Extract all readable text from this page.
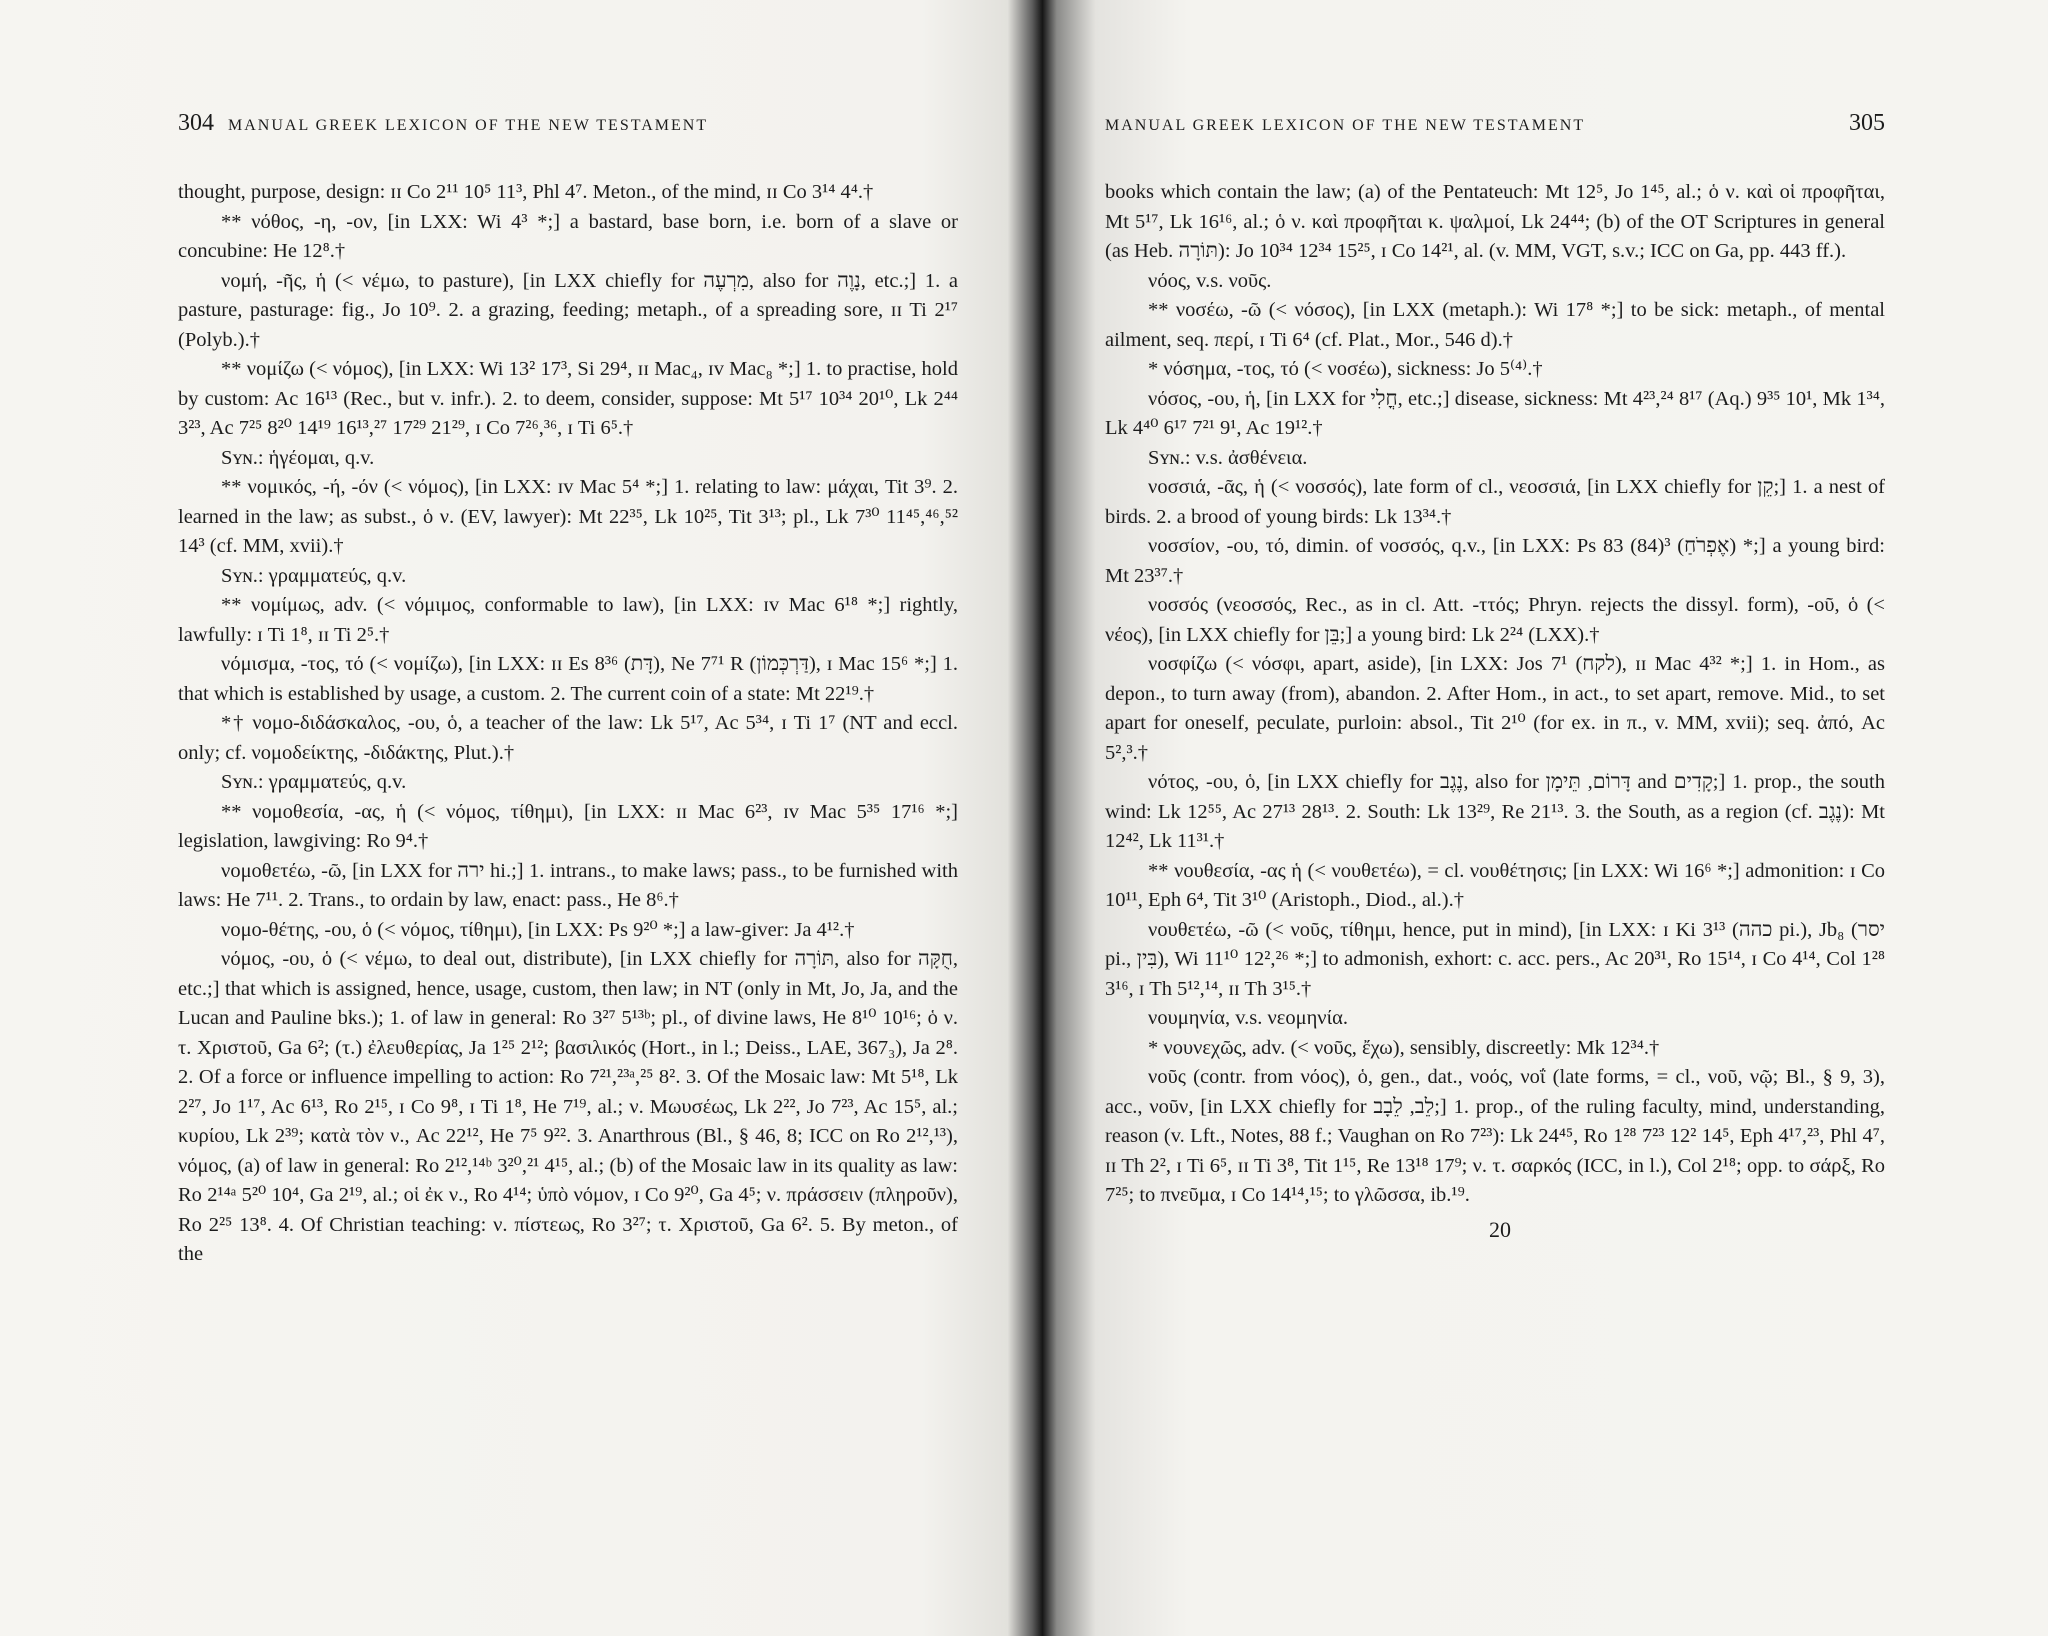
304 MANUAL GREEK LEXICON OF THE NEW TESTAMENT

thought, purpose, design: ɪɪ Co 2¹¹ 10⁵ 11³, Phl 4⁷. Meton., of the mind, ɪɪ Co 3¹⁴ 4⁴.†

** νόθος, -η, -ον, [in LXX: Wi 4³ *;] a bastard, base born, i.e. born of a slave or concubine: He 12⁸.†

νομή, -ῆς, ἡ (< νέμω, to pasture), [in LXX chiefly for מִרְעֶה, also for נָוֶה, etc.;] 1. a pasture, pasturage: fig., Jo 10⁹. 2. a grazing, feeding; metaph., of a spreading sore, ɪɪ Ti 2¹⁷ (Polyb.).†

** νομίζω (< νόμος), [in LXX: Wi 13² 17³, Si 29⁴, ɪɪ Mac₄, ɪᴠ Mac₈ *;] 1. to practise, hold by custom: Ac 16¹³ (Rec., but v. infr.). 2. to deem, consider, suppose: Mt 5¹⁷ 10³⁴ 20¹⁰, Lk 2⁴⁴ 3²³, Ac 7²⁵ 8²⁰ 14¹⁹ 16¹³,²⁷ 17²⁹ 21²⁹, ɪ Co 7²⁶,³⁶, ɪ Ti 6⁵.†

Sʏɴ.: ἡγέομαι, q.v.

** νομικός, -ή, -όν (< νόμος), [in LXX: ɪᴠ Mac 5⁴ *;] 1. relating to law: μάχαι, Tit 3⁹. 2. learned in the law; as subst., ὁ ν. (EV, lawyer): Mt 22³⁵, Lk 10²⁵, Tit 3¹³; pl., Lk 7³⁰ 11⁴⁵,⁴⁶,⁵² 14³ (cf. MM, xvii).†

Sʏɴ.: γραμματεύς, q.v.

** νομίμως, adv. (< νόμιμος, conformable to law), [in LXX: ɪᴠ Mac 6¹⁸ *;] rightly, lawfully: ɪ Ti 1⁸, ɪɪ Ti 2⁵.†

νόμισμα, -τος, τό (< νομίζω), [in LXX: ɪɪ Es 8³⁶ (דָּת), Ne 7⁷¹ R (דַּרְכְּמוֹן), ɪ Mac 15⁶ *;] 1. that which is established by usage, a custom. 2. The current coin of a state: Mt 22¹⁹.†

*† νομο-διδάσκαλος, -ου, ὁ, a teacher of the law: Lk 5¹⁷, Ac 5³⁴, ɪ Ti 1⁷ (NT and eccl. only; cf. νομοδείκτης, -διδάκτης, Plut.).†

Sʏɴ.: γραμματεύς, q.v.

** νομοθεσία, -ας, ἡ (< νόμος, τίθημι), [in LXX: ɪɪ Mac 6²³, ɪᴠ Mac 5³⁵ 17¹⁶ *;] legislation, lawgiving: Ro 9⁴.†

νομοθετέω, -ῶ, [in LXX for ירה hi.;] 1. intrans., to make laws; pass., to be furnished with laws: He 7¹¹. 2. Trans., to ordain by law, enact: pass., He 8⁶.†

νομο-θέτης, -ου, ὁ (< νόμος, τίθημι), [in LXX: Ps 9²⁰ *;] a law-giver: Ja 4¹².†

νόμος, -ου, ὁ (< νέμω, to deal out, distribute), [in LXX chiefly for תּוֹרָה, also for חֻקָּה, etc.;] that which is assigned, hence, usage, custom, then law; in NT (only in Mt, Jo, Ja, and the Lucan and Pauline bks.); 1. of law in general: Ro 3²⁷ 5¹³ᵇ; pl., of divine laws, He 8¹⁰ 10¹⁶; ὁ ν. τ. Χριστοῦ, Ga 6²; (τ.) ἐλευθερίας, Ja 1²⁵ 2¹²; βασιλικός (Hort., in l.; Deiss., LAE, 367₃), Ja 2⁸. 2. Of a force or influence impelling to action: Ro 7²¹,²³ᵃ,²⁵ 8². 3. Of the Mosaic law: Mt 5¹⁸, Lk 2²⁷, Jo 1¹⁷, Ac 6¹³, Ro 2¹⁵, ɪ Co 9⁸, ɪ Ti 1⁸, He 7¹⁹, al.; ν. Μωυσέως, Lk 2²², Jo 7²³, Ac 15⁵, al.; κυρίου, Lk 2³⁹; κατὰ τὸν ν., Ac 22¹², He 7⁵ 9²². 3. Anarthrous (Bl., § 46, 8; ICC on Ro 2¹²,¹³), νόμος, (a) of law in general: Ro 2¹²,¹⁴ᵇ 3²⁰,²¹ 4¹⁵, al.; (b) of the Mosaic law in its quality as law: Ro 2¹⁴ᵃ 5²⁰ 10⁴, Ga 2¹⁹, al.; οἱ ἐκ ν., Ro 4¹⁴; ὑπὸ νόμον, ɪ Co 9²⁰, Ga 4⁵; ν. πράσσειν (πληροῦν), Ro 2²⁵ 13⁸. 4. Of Christian teaching: ν. πίστεως, Ro 3²⁷; τ. Χριστοῦ, Ga 6². 5. By meton., of the

MANUAL GREEK LEXICON OF THE NEW TESTAMENT	305

books which contain the law; (a) of the Pentateuch: Mt 12⁵, Jo 1⁴⁵, al.; ὁ ν. καὶ οἱ προφῆται, Mt 5¹⁷, Lk 16¹⁶, al.; ὁ ν. καὶ προφῆται κ. ψαλμοί, Lk 24⁴⁴; (b) of the OT Scriptures in general (as Heb. תּוֹרָה): Jo 10³⁴ 12³⁴ 15²⁵, ɪ Co 14²¹, al. (v. MM, VGT, s.v.; ICC on Ga, pp. 443 ff.).

νόος, v.s. νοῦς.

** νοσέω, -ῶ (< νόσος), [in LXX (metaph.): Wi 17⁸ *;] to be sick: metaph., of mental ailment, seq. περί, ɪ Ti 6⁴ (cf. Plat., Mor., 546 d).†

* νόσημα, -τος, τό (< νοσέω), sickness: Jo 5⁽⁴⁾.†

νόσος, -ου, ἡ, [in LXX for חֳלִי, etc.;] disease, sickness: Mt 4²³,²⁴ 8¹⁷ (Aq.) 9³⁵ 10¹, Mk 1³⁴, Lk 4⁴⁰ 6¹⁷ 7²¹ 9¹, Ac 19¹².†

Sʏɴ.: v.s. ἀσθένεια.

νοσσιά, -ᾶς, ἡ (< νοσσός), late form of cl., νεοσσιά, [in LXX chiefly for קֵן;] 1. a nest of birds. 2. a brood of young birds: Lk 13³⁴.†

νοσσίον, -ου, τό, dimin. of νοσσός, q.v., [in LXX: Ps 83 (84)³ (אֶפְרֹחַ) *;] a young bird: Mt 23³⁷.†

νοσσός (νεοσσός, Rec., as in cl. Att. -ττός; Phryn. rejects the dissyl. form), -οῦ, ὁ (< νέος), [in LXX chiefly for בֵּן;] a young bird: Lk 2²⁴ (LXX).†

νοσφίζω (< νόσφι, apart, aside), [in LXX: Jos 7¹ (לקח), ɪɪ Mac 4³² *;] 1. in Hom., as depon., to turn away (from), abandon. 2. After Hom., in act., to set apart, remove. Mid., to set apart for oneself, peculate, purloin: absol., Tit 2¹⁰ (for ex. in π., v. MM, xvii); seq. ἀπό, Ac 5²,³.†

νότος, -ου, ὁ, [in LXX chiefly for נֶגֶב, also for דָּרוֹם, תֵּימָן and קָדִים;] 1. prop., the south wind: Lk 12⁵⁵, Ac 27¹³ 28¹³. 2. South: Lk 13²⁹, Re 21¹³. 3. the South, as a region (cf. נֶגֶב): Mt 12⁴², Lk 11³¹.†

** νουθεσία, -ας ἡ (< νουθετέω), = cl. νουθέτησις; [in LXX: Wi 16⁶ *;] admonition: ɪ Co 10¹¹, Eph 6⁴, Tit 3¹⁰ (Aristoph., Diod., al.).†

νουθετέω, -ῶ (< νοῦς, τίθημι, hence, put in mind), [in LXX: ɪ Ki 3¹³ (כהה pi.), Jb₈ (יסר pi., בִּין), Wi 11¹⁰ 12²,²⁶ *;] to admonish, exhort: c. acc. pers., Ac 20³¹, Ro 15¹⁴, ɪ Co 4¹⁴, Col 1²⁸ 3¹⁶, ɪ Th 5¹²,¹⁴, ɪɪ Th 3¹⁵.†

νουμηνία, v.s. νεομηνία.

* νουνεχῶς, adv. (< νοῦς, ἔχω), sensibly, discreetly: Mk 12³⁴.†

νοῦς (contr. from νόος), ὁ, gen., dat., νοός, νοΐ (late forms, = cl., νοῦ, νῷ; Bl., § 9, 3), acc., νοῦν, [in LXX chiefly for לֵב, לֵבָב;] 1. prop., of the ruling faculty, mind, understanding, reason (v. Lft., Notes, 88 f.; Vaughan on Ro 7²³): Lk 24⁴⁵, Ro 1²⁸ 7²³ 12² 14⁵, Eph 4¹⁷,²³, Phl 4⁷, ɪɪ Th 2², ɪ Ti 6⁵, ɪɪ Ti 3⁸, Tit 1¹⁵, Re 13¹⁸ 17⁹; ν. τ. σαρκός (ICC, in l.), Col 2¹⁸; opp. to σάρξ, Ro 7²⁵; to πνεῦμα, ɪ Co 14¹⁴,¹⁵; to γλῶσσα, ib.¹⁹.

20
